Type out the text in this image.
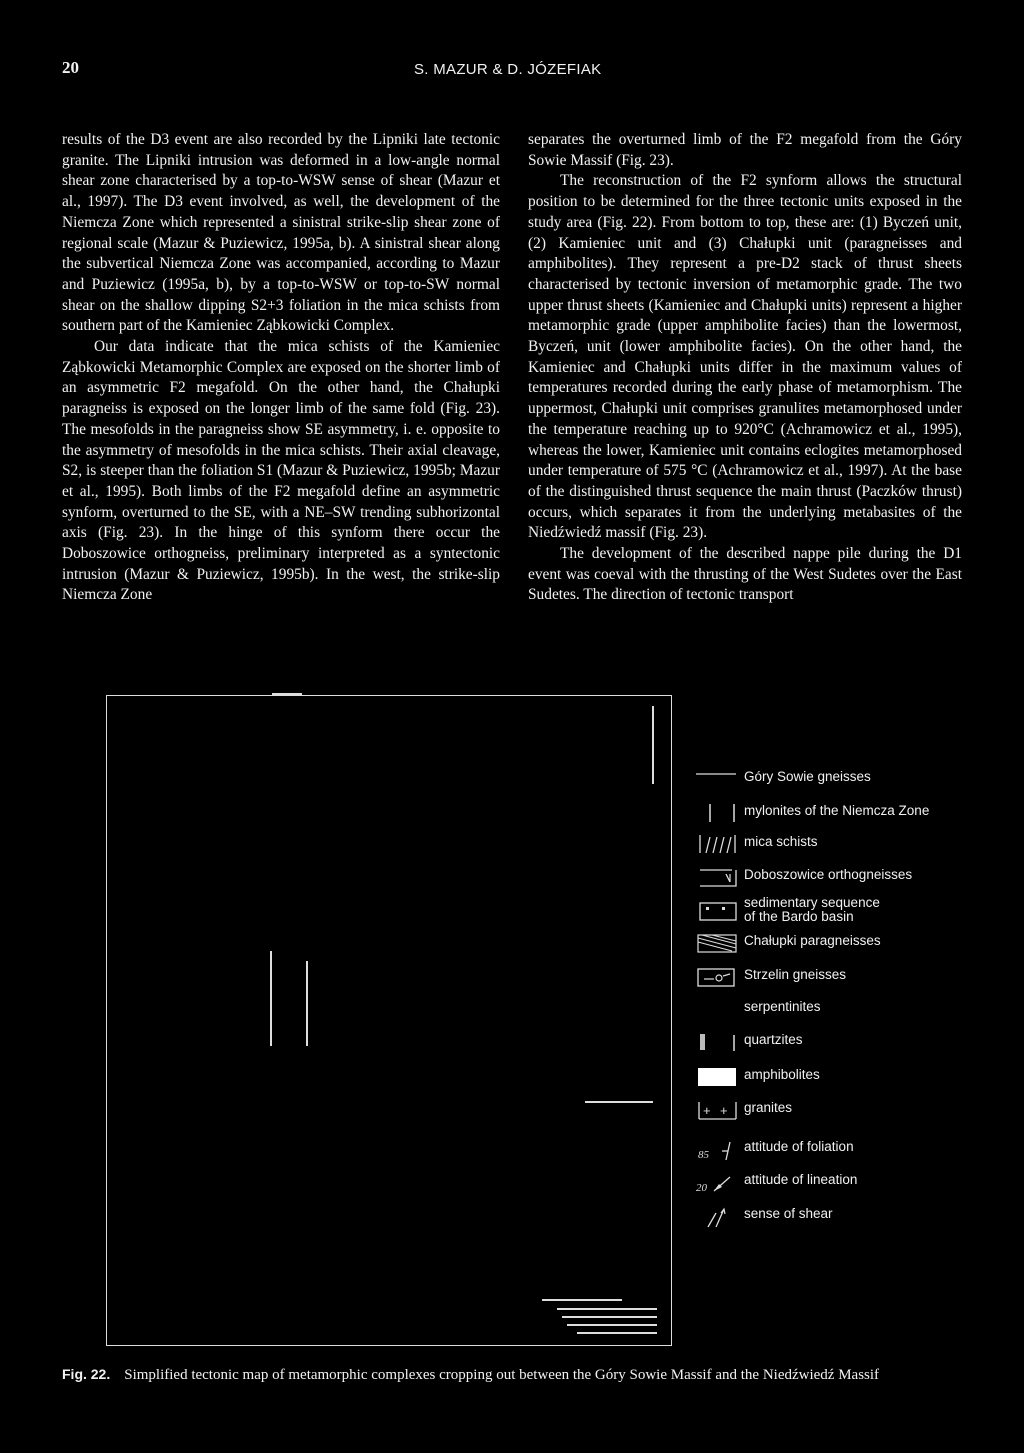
20	S. MAZUR & D. JÓZEFIAK

results of the D3 event are also recorded by the Lipniki late tectonic granite. The Lipniki intrusion was deformed in a low-angle normal shear zone characterised by a top-to-WSW sense of shear (Mazur et al., 1997). The D3 event involved, as well, the development of the Niemcza Zone which represented a sinistral strike-slip shear zone of regional scale (Mazur & Puziewicz, 1995a, b). A sinistral shear along the subvertical Niemcza Zone was accompanied, according to Mazur and Puziewicz (1995a, b), by a top-to-WSW or top-to-SW normal shear on the shallow dipping S2+3 foliation in the mica schists from southern part of the Kamieniec Ząbkowicki Complex.

Our data indicate that the mica schists of the Kamieniec Ząbkowicki Metamorphic Complex are exposed on the shorter limb of an asymmetric F2 megafold. On the other hand, the Chałupki paragneiss is exposed on the longer limb of the same fold (Fig. 23). The mesofolds in the paragneiss show SE asymmetry, i. e. opposite to the asymmetry of mesofolds in the mica schists. Their axial cleavage, S2, is steeper than the foliation S1 (Mazur & Puziewicz, 1995b; Mazur et al., 1995). Both limbs of the F2 megafold define an asymmetric synform, overturned to the SE, with a NE–SW trending subhorizontal axis (Fig. 23). In the hinge of this synform there occur the Doboszowice orthogneiss, preliminary interpreted as a syntectonic intrusion (Mazur & Puziewicz, 1995b). In the west, the strike-slip Niemcza Zone

separates the overturned limb of the F2 megafold from the Góry Sowie Massif (Fig. 23).

The reconstruction of the F2 synform allows the structural position to be determined for the three tectonic units exposed in the study area (Fig. 22). From bottom to top, these are: (1) Byczeń unit, (2) Kamieniec unit and (3) Chałupki unit (paragneisses and amphibolites). They represent a pre-D2 stack of thrust sheets characterised by tectonic inversion of metamorphic grade. The two upper thrust sheets (Kamieniec and Chałupki units) represent a higher metamorphic grade (upper amphibolite facies) than the lowermost, Byczeń, unit (lower amphibolite facies). On the other hand, the Kamieniec and Chałupki units differ in the maximum values of temperatures recorded during the early phase of metamorphism. The uppermost, Chałupki unit comprises granulites metamorphosed under the temperature reaching up to 920°C (Achramowicz et al., 1995), whereas the lower, Kamieniec unit contains eclogites metamorphosed under temperature of 575 °C (Achramowicz et al., 1997). At the base of the distinguished thrust sequence the main thrust (Paczków thrust) occurs, which separates it from the underlying metabasites of the Niedźwiedź massif (Fig. 23).

The development of the described nappe pile during the D1 event was coeval with the thrusting of the West Sudetes over the East Sudetes. The direction of tectonic transport

Góry Sowie gneisses
mylonites of the Niemcza Zone
mica schists
Doboszowice orthogneisses
sedimentary sequence
of the Bardo basin
Chałupki paragneisses
Strzelin gneisses
serpentinites
quartzites
amphibolites
+ + granites
85
attitude of foliation
20
attitude of lineation
sense of shear
Fig. 22. Simplified tectonic map of metamorphic complexes cropping out between the Góry Sowie Massif and the Niedźwiedź Massif
